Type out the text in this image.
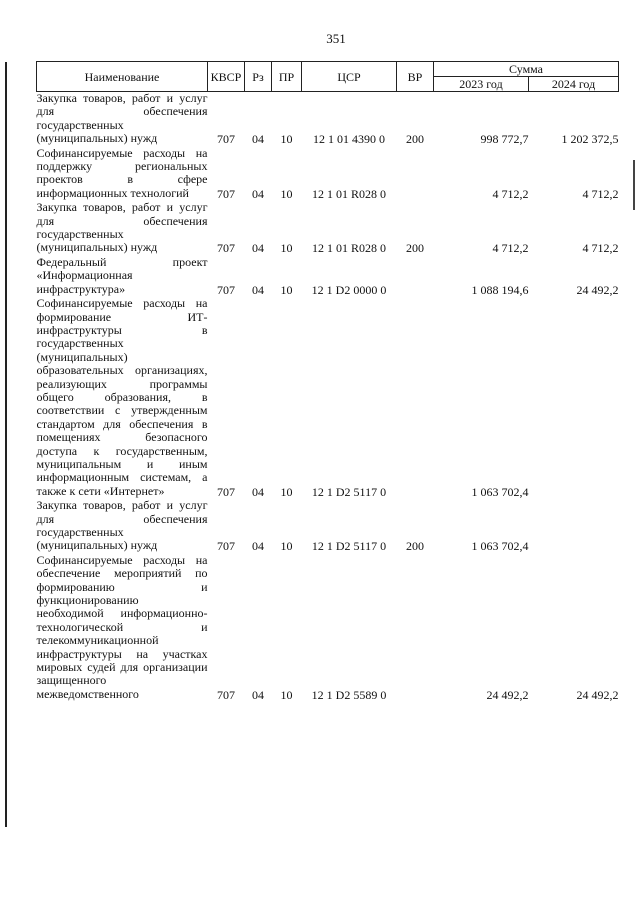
351
Наименование	КВСР	Рз	ПР	ЦСР	ВР	Сумма	
						2023 год	2024 год

Закупка товаров, работ и услуг для обеспечения государственных (муниципальных) нужд	707	04	10	12 1 01 4390 0	200	998 772,7	1 202 372,5

Софинансируемые расходы на поддержку региональных проектов в сфере информационных технологий	707	04	10	12 1 01 R028 0		4 712,2	4 712,2

Закупка товаров, работ и услуг для обеспечения государственных (муниципальных) нужд	707	04	10	12 1 01 R028 0	200	4 712,2	4 712,2

Федеральный проект «Информационная инфраструктура»	707	04	10	12 1 D2 0000 0		1 088 194,6	24 492,2

Софинансируемые расходы на формирование ИТ-инфраструктуры в государственных (муниципальных) образовательных организациях, реализующих программы общего образования, в соответствии с утвержденным стандартом для обеспечения в помещениях безопасного доступа к государственным, муниципальным и иным информационным системам, а также к сети «Интернет»	707	04	10	12 1 D2 5117 0		1 063 702,4	

Закупка товаров, работ и услуг для обеспечения государственных (муниципальных) нужд	707	04	10	12 1 D2 5117 0	200	1 063 702,4	

Софинансируемые расходы на обеспечение мероприятий по формированию и функционированию необходимой информационно-технологической и телекоммуникационной инфраструктуры на участках мировых судей для организации защищенного межведомственного	707	04	10	12 1 D2 5589 0		24 492,2	24 492,2
